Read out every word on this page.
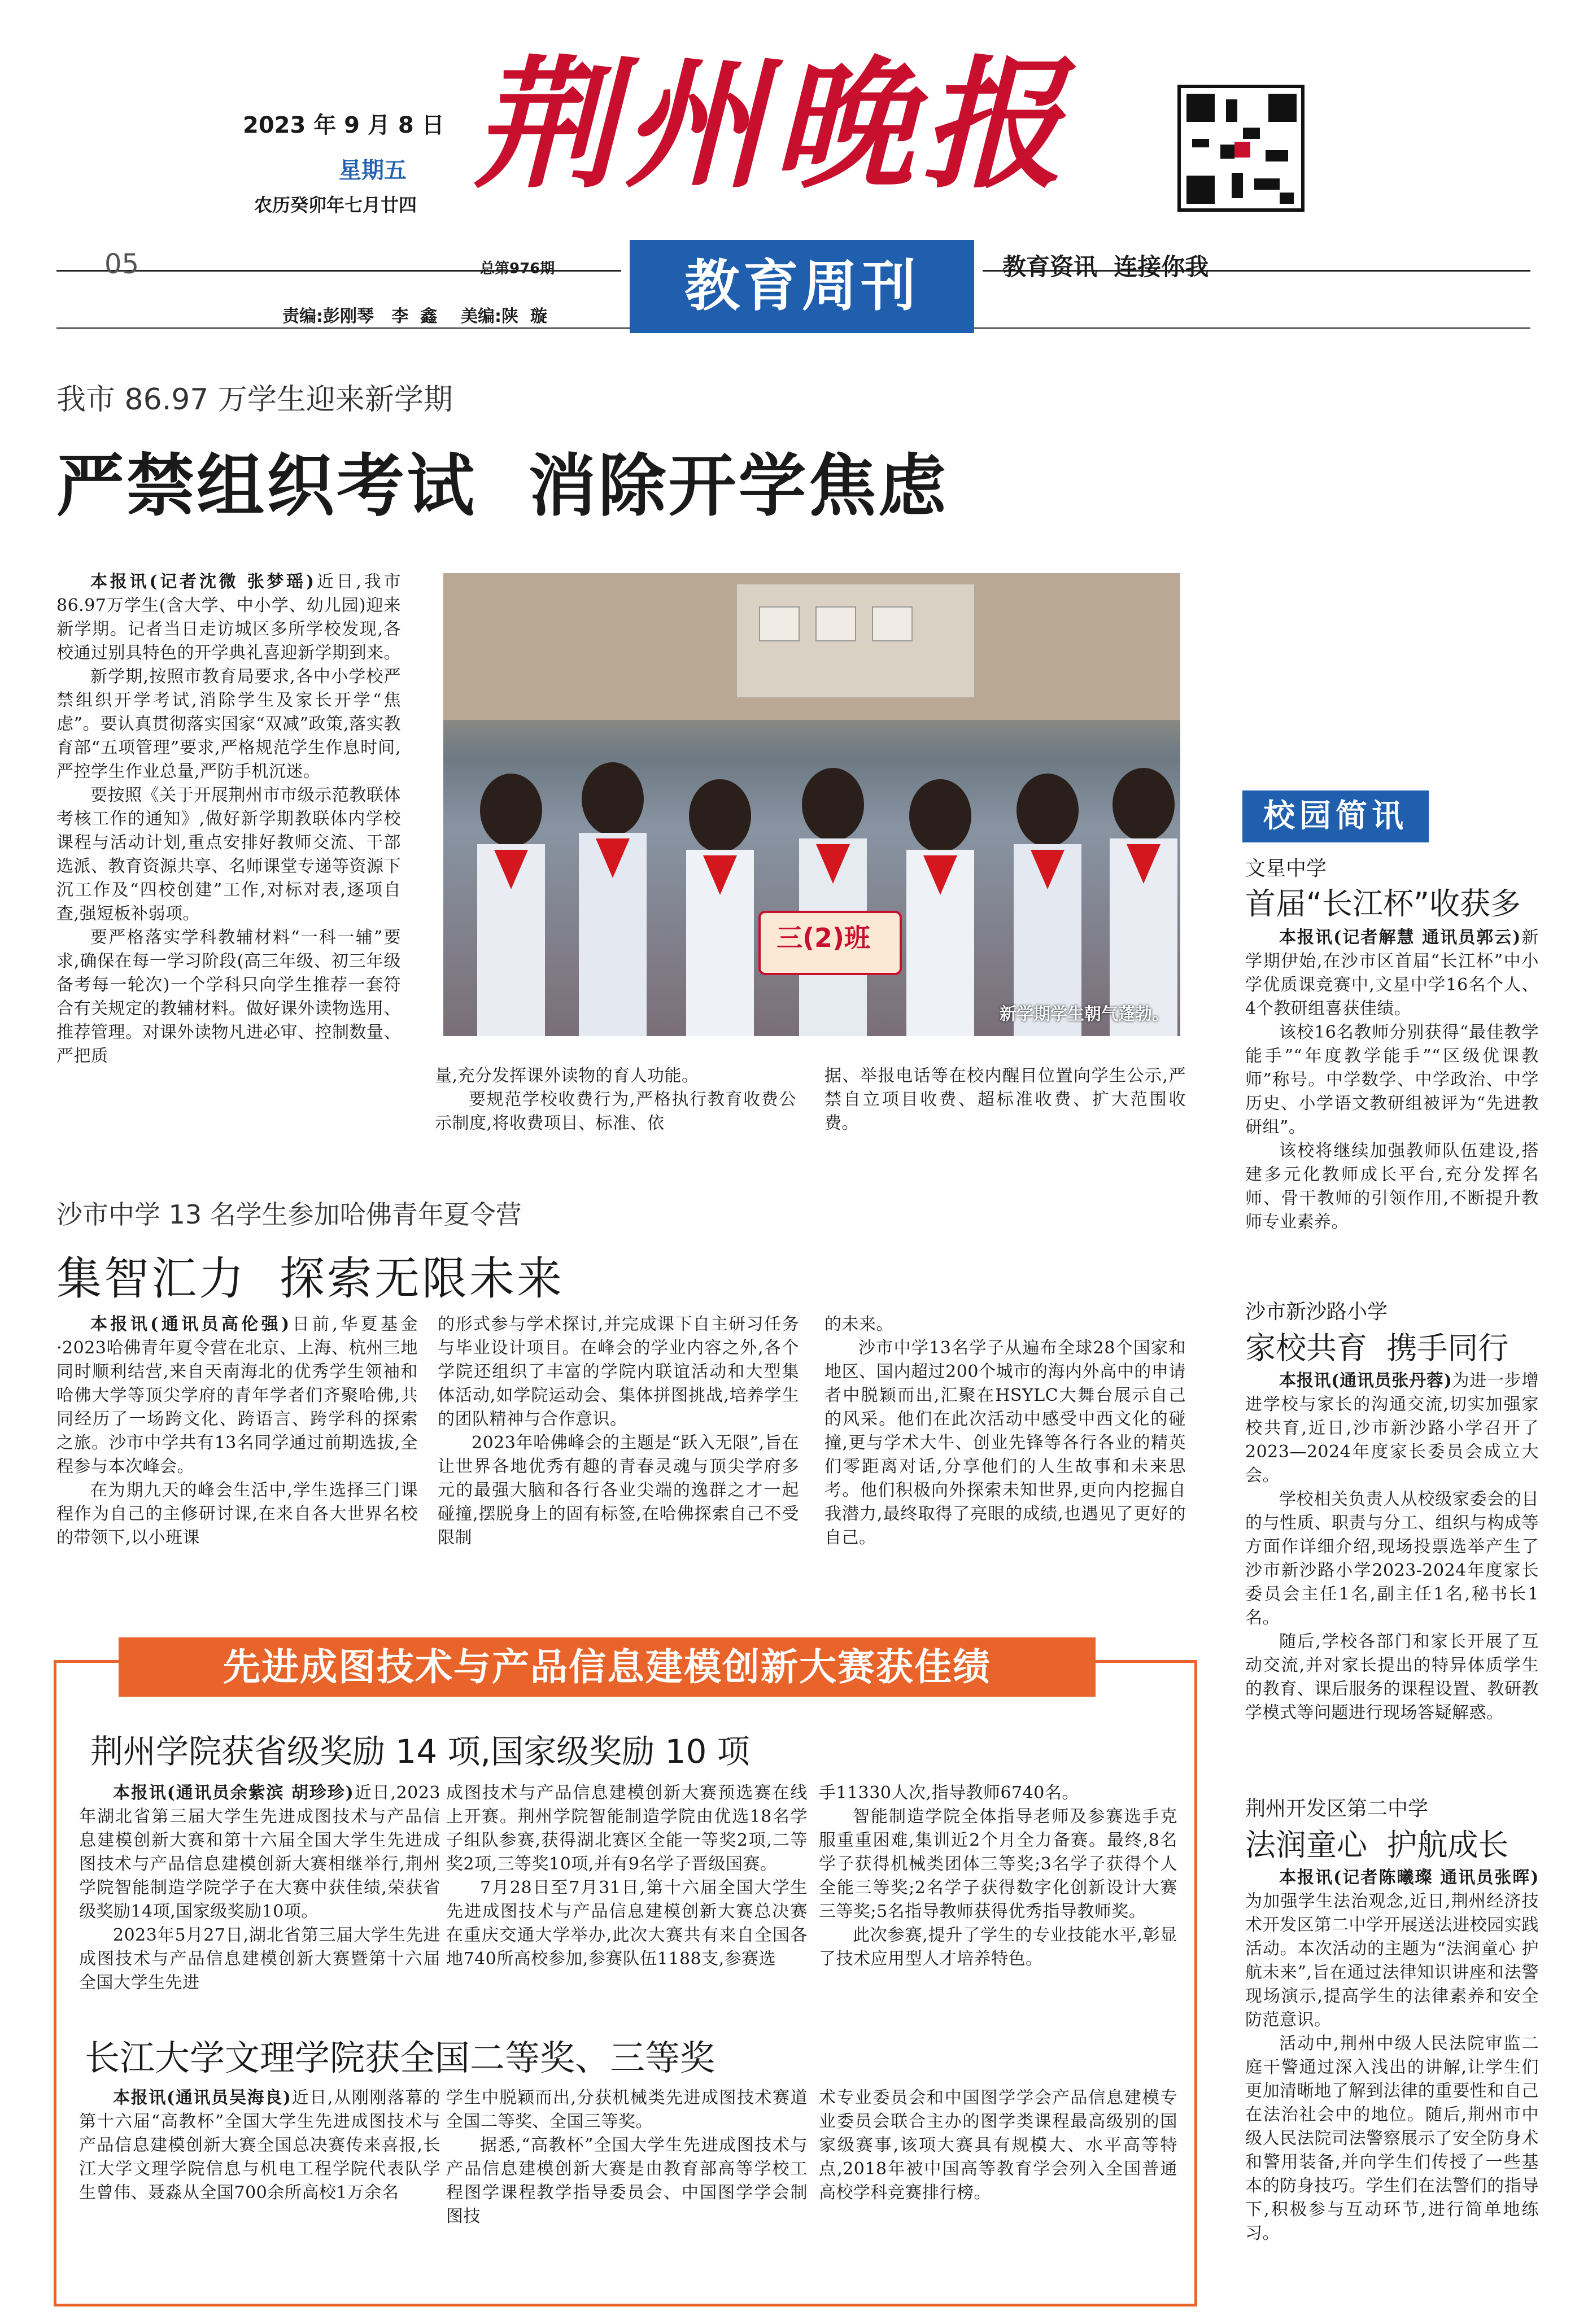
2023 年 9 月 8 日
星期五
农历癸卯年七月廿四 荆州晚报
05	总第976期
责编:彭刚琴   李  鑫    美编:陕  璇	教育周刊	教育资讯  连接你我
我市 86.97 万学生迎来新学期
严禁组织考试  消除开学焦虑

本报讯(记者沈微 张梦瑶)近日,我市86.97万学生(含大学、中小学、幼儿园)迎来新学期。记者当日走访城区多所学校发现,各校通过别具特色的开学典礼喜迎新学期到来。

新学期,按照市教育局要求,各中小学校严禁组织开学考试,消除学生及家长开学“焦虑”。要认真贯彻落实国家“双减”政策,落实教育部“五项管理”要求,严格规范学生作息时间,严控学生作业总量,严防手机沉迷。

要按照《关于开展荆州市市级示范教联体考核工作的通知》,做好新学期教联体内学校课程与活动计划,重点安排好教师交流、干部选派、教育资源共享、名师课堂专递等资源下沉工作及“四校创建”工作,对标对表,逐项自查,强短板补弱项。

要严格落实学科教辅材料“一科一辅”要求,确保在每一学习阶段(高三年级、初三年级备考每一轮次)一个学科只向学生推荐一套符合有关规定的教辅材料。做好课外读物选用、推荐管理。对课外读物凡进必审、控制数量、严把质

三(2)班
新学期学生朝气蓬勃。

量,充分发挥课外读物的育人功能。

要规范学校收费行为,严格执行教育收费公示制度,将收费项目、标准、依

据、举报电话等在校内醒目位置向学生公示,严禁自立项目收费、超标准收费、扩大范围收费。

沙市中学 13 名学生参加哈佛青年夏令营
集智汇力  探索无限未来

本报讯(通讯员高伦强)日前,华夏基金·2023哈佛青年夏令营在北京、上海、杭州三地同时顺利结营,来自天南海北的优秀学生领袖和哈佛大学等顶尖学府的青年学者们齐聚哈佛,共同经历了一场跨文化、跨语言、跨学科的探索之旅。沙市中学共有13名同学通过前期选拔,全程参与本次峰会。

在为期九天的峰会生活中,学生选择三门课程作为自己的主修研讨课,在来自各大世界名校的带领下,以小班课

的形式参与学术探讨,并完成课下自主研习任务与毕业设计项目。在峰会的学业内容之外,各个学院还组织了丰富的学院内联谊活动和大型集体活动,如学院运动会、集体拼图挑战,培养学生的团队精神与合作意识。

2023年哈佛峰会的主题是“跃入无限”,旨在让世界各地优秀有趣的青春灵魂与顶尖学府多元的最强大脑和各行各业尖端的逸群之才一起碰撞,摆脱身上的固有标签,在哈佛探索自己不受限制

的未来。

沙市中学13名学子从遍布全球28个国家和地区、国内超过200个城市的海内外高中的申请者中脱颖而出,汇聚在HSYLC大舞台展示自己的风采。他们在此次活动中感受中西文化的碰撞,更与学术大牛、创业先锋等各行各业的精英们零距离对话,分享他们的人生故事和未来思考。他们积极向外探索未知世界,更向内挖掘自我潜力,最终取得了亮眼的成绩,也遇见了更好的自己。

先进成图技术与产品信息建模创新大赛获佳绩
荆州学院获省级奖励 14 项,国家级奖励 10 项

本报讯(通讯员余紫滨 胡珍珍)近日,2023年湖北省第三届大学生先进成图技术与产品信息建模创新大赛和第十六届全国大学生先进成图技术与产品信息建模创新大赛相继举行,荆州学院智能制造学院学子在大赛中获佳绩,荣获省级奖励14项,国家级奖励10项。

2023年5月27日,湖北省第三届大学生先进成图技术与产品信息建模创新大赛暨第十六届全国大学生先进

成图技术与产品信息建模创新大赛预选赛在线上开赛。荆州学院智能制造学院由优选18名学子组队参赛,获得湖北赛区全能一等奖2项,二等奖2项,三等奖10项,并有9名学子晋级国赛。

7月28日至7月31日,第十六届全国大学生先进成图技术与产品信息建模创新大赛总决赛在重庆交通大学举办,此次大赛共有来自全国各地740所高校参加,参赛队伍1188支,参赛选

手11330人次,指导教师6740名。

智能制造学院全体指导老师及参赛选手克服重重困难,集训近2个月全力备赛。最终,8名学子获得机械类团体三等奖;3名学子获得个人全能三等奖;2名学子获得数字化创新设计大赛三等奖;5名指导教师获得优秀指导教师奖。

此次参赛,提升了学生的专业技能水平,彰显了技术应用型人才培养特色。

长江大学文理学院获全国二等奖、三等奖

本报讯(通讯员吴海良)近日,从刚刚落幕的第十六届“高教杯”全国大学生先进成图技术与产品信息建模创新大赛全国总决赛传来喜报,长江大学文理学院信息与机电工程学院代表队学生曾伟、聂淼从全国700余所高校1万余名

学生中脱颖而出,分获机械类先进成图技术赛道全国二等奖、全国三等奖。

据悉,“高教杯”全国大学生先进成图技术与产品信息建模创新大赛是由教育部高等学校工程图学课程教学指导委员会、中国图学学会制图技

术专业委员会和中国图学学会产品信息建模专业委员会联合主办的图学类课程最高级别的国家级赛事,该项大赛具有规模大、水平高等特点,2018年被中国高等教育学会列入全国普通高校学科竞赛排行榜。

校园简讯
文星中学
首届“长江杯”收获多

本报讯(记者解慧 通讯员郭云)新学期伊始,在沙市区首届“长江杯”中小学优质课竞赛中,文星中学16名个人、4个教研组喜获佳绩。

该校16名教师分别获得“最佳教学能手”“年度教学能手”“区级优课教师”称号。中学数学、中学政治、中学历史、小学语文教研组被评为“先进教研组”。

该校将继续加强教师队伍建设,搭建多元化教师成长平台,充分发挥名师、骨干教师的引领作用,不断提升教师专业素养。

沙市新沙路小学
家校共育  携手同行

本报讯(通讯员张丹蓉)为进一步增进学校与家长的沟通交流,切实加强家校共育,近日,沙市新沙路小学召开了2023—2024年度家长委员会成立大会。

学校相关负责人从校级家委会的目的与性质、职责与分工、组织与构成等方面作详细介绍,现场投票选举产生了沙市新沙路小学2023-2024年度家长委员会主任1名,副主任1名,秘书长1名。

随后,学校各部门和家长开展了互动交流,并对家长提出的特异体质学生的教育、课后服务的课程设置、教研教学模式等问题进行现场答疑解惑。

荆州开发区第二中学
法润童心  护航成长

本报讯(记者陈曦璨 通讯员张晖)为加强学生法治观念,近日,荆州经济技术开发区第二中学开展送法进校园实践活动。本次活动的主题为“法润童心 护航未来”,旨在通过法律知识讲座和法警现场演示,提高学生的法律素养和安全防范意识。

活动中,荆州中级人民法院审监二庭干警通过深入浅出的讲解,让学生们更加清晰地了解到法律的重要性和自己在法治社会中的地位。随后,荆州市中级人民法院司法警察展示了安全防身术和警用装备,并向学生们传授了一些基本的防身技巧。学生们在法警们的指导下,积极参与互动环节,进行简单地练习。
